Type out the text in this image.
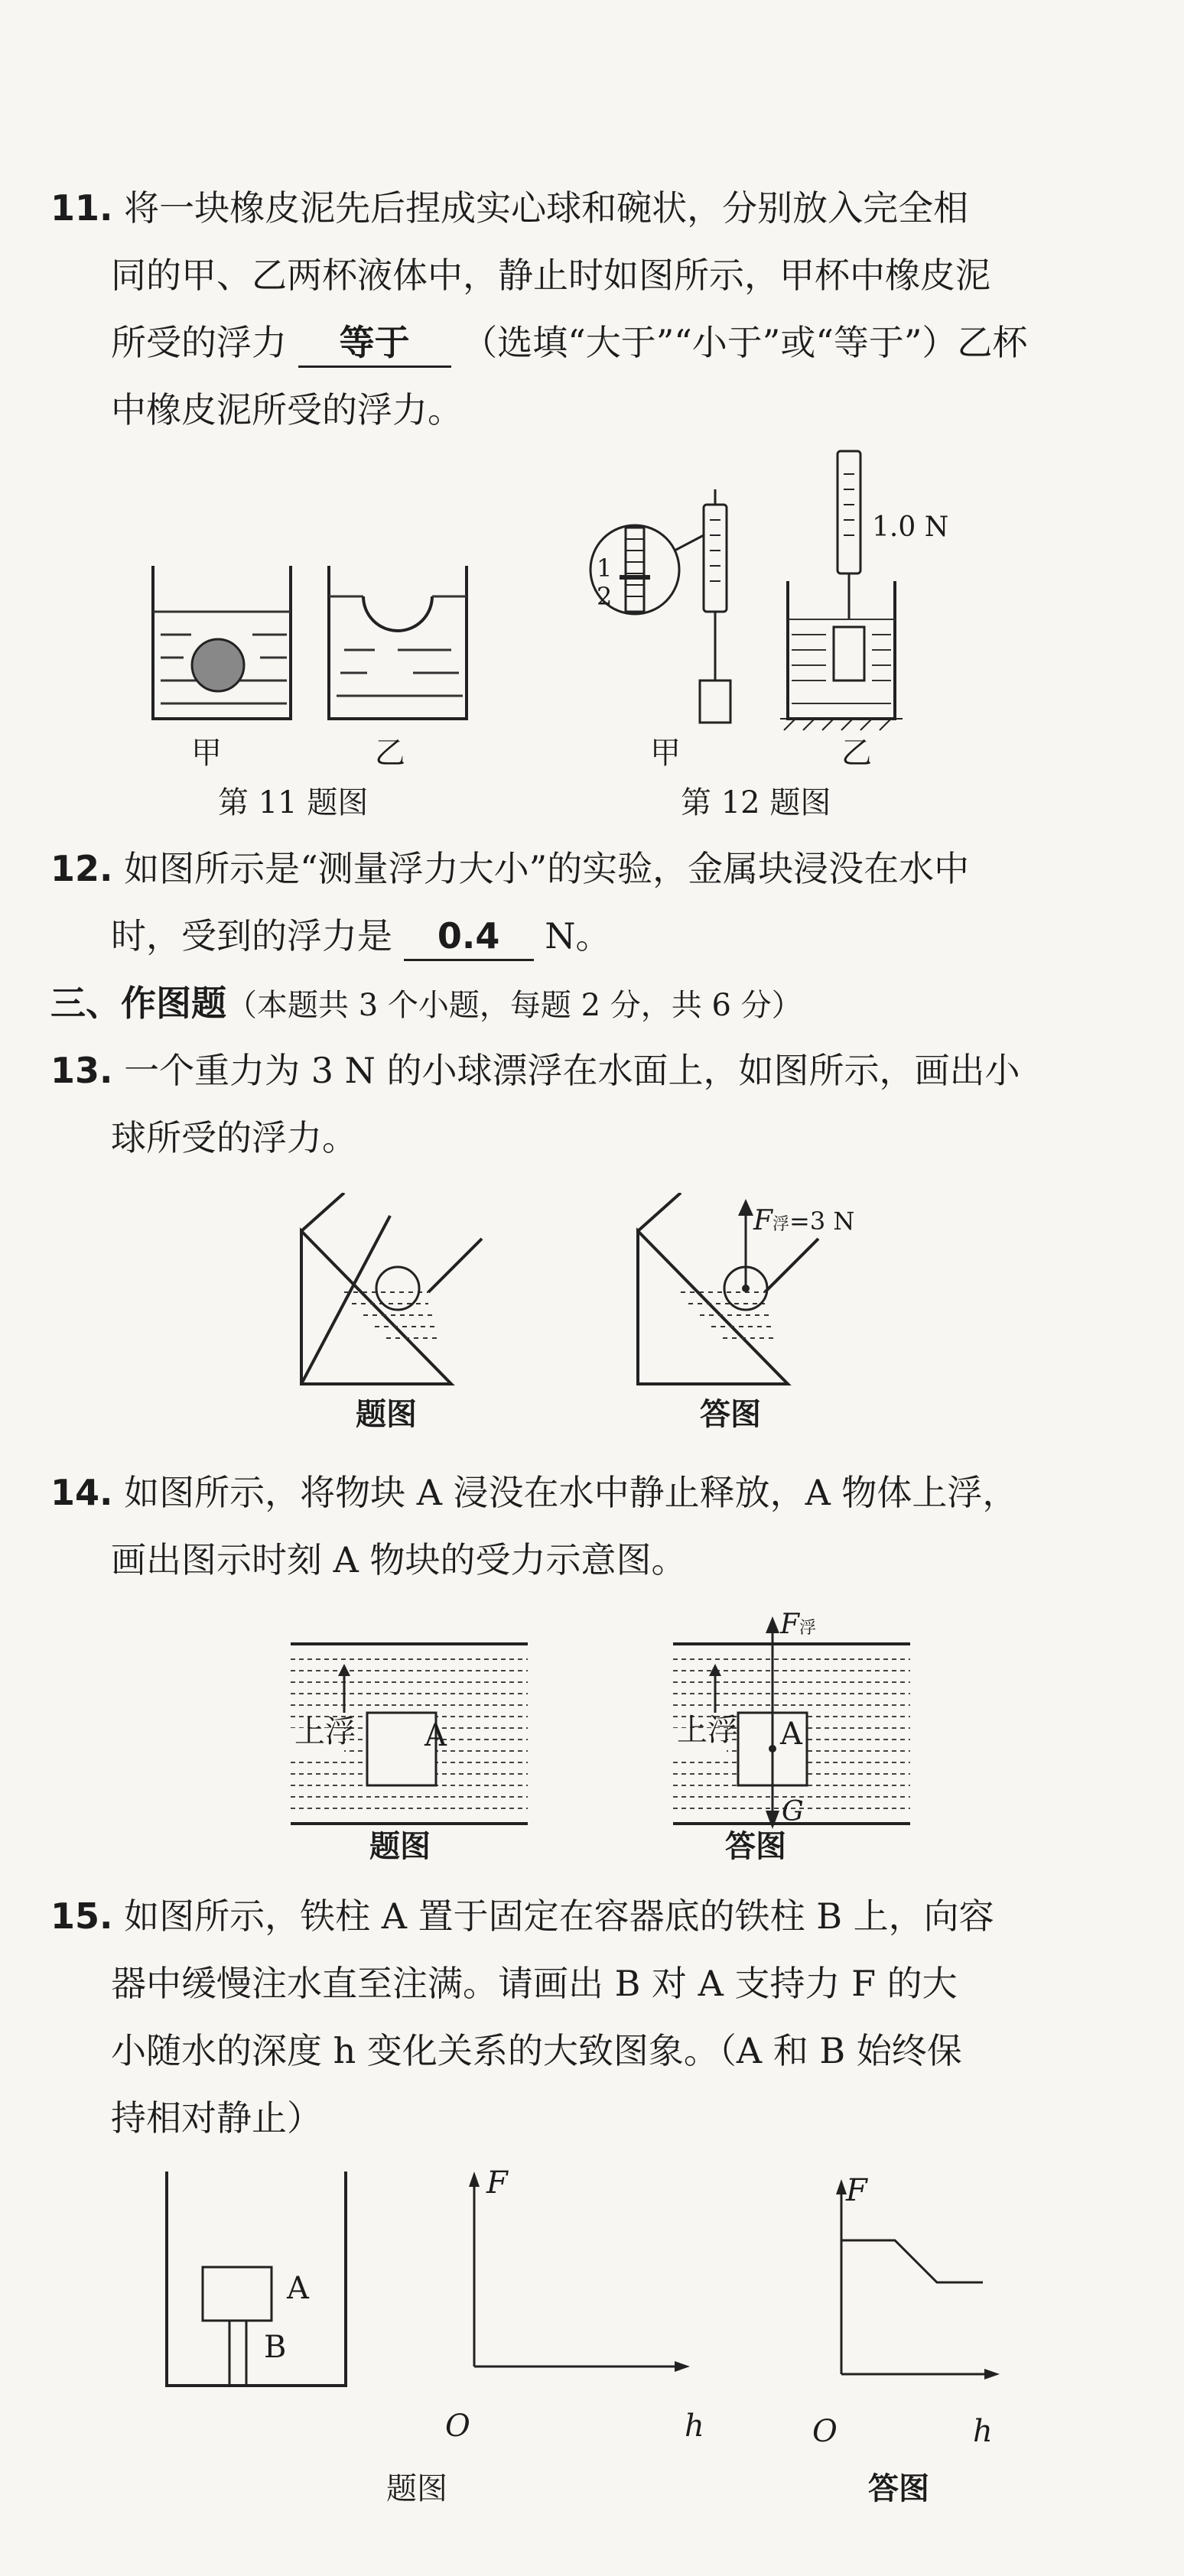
11. 将一块橡皮泥先后捏成实心球和碗状，分别放入完全相
同的甲、乙两杯液体中，静止时如图所示，甲杯中橡皮泥
所受的浮力 等于 （选填“大于”“小于”或“等于”）乙杯
中橡皮泥所受的浮力。
甲	乙
第 11 题图
1
2
1.0 N
甲	乙
第 12 题图
12. 如图所示是“测量浮力大小”的实验，金属块浸没在水中
时，受到的浮力是 0.4 N。
三、作图题（本题共 3 个小题，每题 2 分，共 6 分）
13. 一个重力为 3 N 的小球漂浮在水面上，如图所示，画出小
球所受的浮力。
题图
F浮=3 N
答图
14. 如图所示，将物块 A 浸没在水中静止释放，A 物体上浮，
画出图示时刻 A 物块的受力示意图。
上浮 A
题图
上浮 A
F浮
G
答图
15. 如图所示，铁柱 A 置于固定在容器底的铁柱 B 上，向容
器中缓慢注水直至注满。请画出 B 对 A 支持力 F 的大
小随水的深度 h 变化关系的大致图象。（A 和 B 始终保
持相对静止）
A
B
题图
F
h
O
F
h
O
答图
